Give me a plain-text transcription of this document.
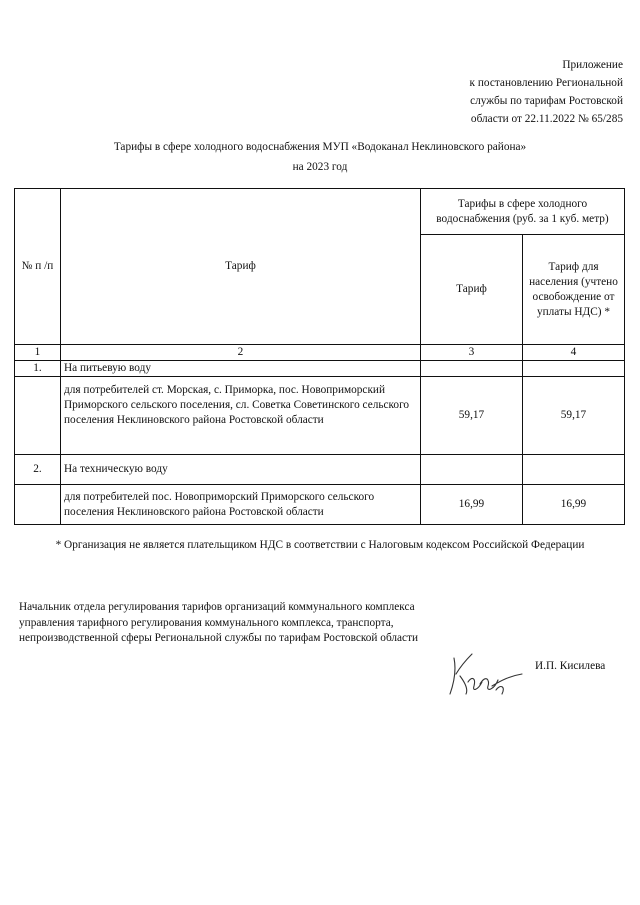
Приложение
к постановлению Региональной
службы по тарифам Ростовской
области от 22.11.2022 № 65/285
Тарифы в сфере холодного водоснабжения МУП «Водоканал Неклиновского района»
на 2023 год
№ п /п	Тариф	Тарифы в сфере холодного водоснабжения (руб. за 1 куб. метр)	
		Тариф	Тариф для населения (учтено освобождение от уплаты НДС) *
1	2	3	4
1.	На питьевую воду		
	для потребителей ст. Морская, с. Приморка, пос. Новоприморский Приморского сельского поселения, сл. Советка Советинского сельского поселения Неклиновского района Ростовской области	59,17	59,17
2.	На техническую воду		
	для потребителей пос. Новоприморский Приморского сельского поселения Неклиновского района Ростовской области	16,99	16,99
* Организация не является плательщиком НДС в соответствии с Налоговым кодексом Российской Федерации
Начальник отдела регулирования тарифов организаций коммунального комплекса управления тарифного регулирования коммунального комплекса, транспорта, непроизводственной сферы Региональной службы по тарифам Ростовской области
И.П. Кисилева
